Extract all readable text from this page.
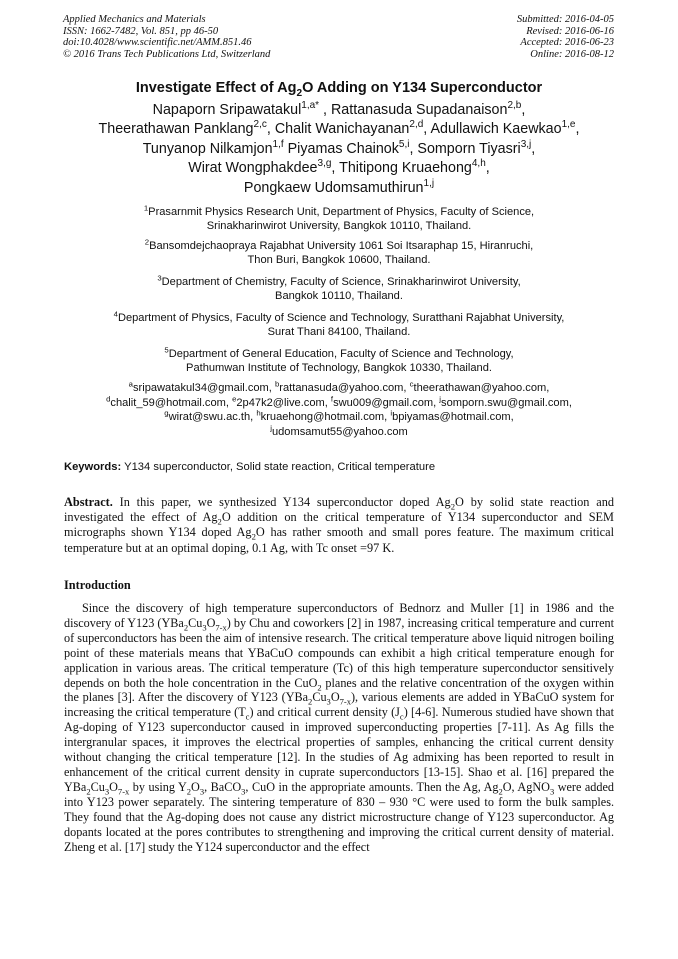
Applied Mechanics and Materials
ISSN: 1662-7482, Vol. 851, pp 46-50
doi:10.4028/www.scientific.net/AMM.851.46
© 2016 Trans Tech Publications Ltd, Switzerland
Submitted: 2016-04-05
Revised: 2016-06-16
Accepted: 2016-06-23
Online: 2016-08-12
Investigate Effect of $Ag_2O$ Adding on Y134 Superconductor
Napaporn Sripawatakul$^{1,a*}$ , Rattanasuda Supadanaison$^{2,b}$,
Theerathawan Panklang$^{2,c}$, Chalit Wanichayanan$^{2,d}$, Adullawich Kaewkao$^{1,e}$,
Tunyanop Nilkamjon$^{1,f}$ Piyamas Chainok$^{5,i}$, Somporn Tiyasri$^{3,j}$,
Wirat Wongphakdee$^{3,g}$, Thitipong Kruaehong$^{4,h}$,
Pongkaew Udomsamuthirun$^{1,j}$
$^1$Prasarnmit Physics Research Unit, Department of Physics, Faculty of Science,
Srinakharinwirot University, Bangkok 10110, Thailand.
$^2$Bansomdejchaopraya Rajabhat University 1061 Soi Itsaraphap 15, Hiranruchi,
Thon Buri, Bangkok 10600, Thailand.
$^3$Department of Chemistry, Faculty of Science, Srinakharinwirot University,
Bangkok 10110, Thailand.
$^4$Department of Physics, Faculty of Science and Technology, Suratthani Rajabhat University,
Surat Thani 84100, Thailand.
$^5$Department of General Education, Faculty of Science and Technology,
Pathumwan Institute of Technology, Bangkok 10330, Thailand.
$^a$sripawatakul34@gmail.com, $^b$rattanasuda@yahoo.com, $^c$theerathawan@yahoo.com,
$^d$chalit_59@hotmail.com, $^e$2p47k2@live.com, $^f$swu009@gmail.com, $^j$somporn.swu@gmail.com,
$^g$wirat@swu.ac.th, $^h$kruaehong@hotmail.com, $^i$bpiyamas@hotmail.com,
$^j$udomsamut55@yahoo.com
Keywords: Y134 superconductor, Solid state reaction, Critical temperature
Abstract. In this paper, we synthesized Y134 superconductor doped $Ag_2O$ by solid state reaction and investigated the effect of $Ag_2O$ addition on the critical temperature of Y134 superconductor and SEM micrographs shown Y134 doped $Ag_2O$ has rather smooth and small pores feature. The maximum critical temperature but at an optimal doping, 0.1 Ag, with Tc onset =97 K.
Introduction
Since the discovery of high temperature superconductors of Bednorz and Muller [1] in 1986 and the discovery of Y123 $(YBa_2Cu_3O_{7-x})$ by Chu and coworkers [2] in 1987, increasing critical temperature and current of superconductors has been the aim of intensive research. The critical temperature above liquid nitrogen boiling point of these materials means that YBaCuO compounds can exhibit a high critical temperature enough for application in various areas. The critical temperature (Tc) of this high temperature superconductor sensitively depends on both the hole concentration in the CuO$_2$ planes and the relative concentration of the oxygen within the planes [3]. After the discovery of Y123 $(YBa_2Cu_3O_{7-x})$, various elements are added in YBaCuO system for increasing the critical temperature $(T_c)$ and critical current density $(J_c)$ [4-6]. Numerous studied have shown that Ag-doping of Y123 superconductor caused in improved superconducting properties [7-11]. As Ag fills the intergranular spaces, it improves the electrical properties of samples, enhancing the critical current density without changing the critical temperature [12]. In the studies of Ag admixing has been reported to result in enhancement of the critical current density in cuprate superconductors [13-15]. Shao et al. [16] prepared the $YBa_2Cu_3O_{7-x}$ by using $Y_2O_3$, BaCO$_3$, CuO in the appropriate amounts. Then the Ag, $Ag_2O$, AgNO$_3$ were added into Y123 power separately. The sintering temperature of 830 – 930 °C were used to form the bulk samples. They found that the Ag-doping does not cause any district microstructure change of Y123 superconductor. Ag dopants located at the pores contributes to strengthening and improving the critical current density of material. Zheng et al. [17] study the Y124 superconductor and the effect
